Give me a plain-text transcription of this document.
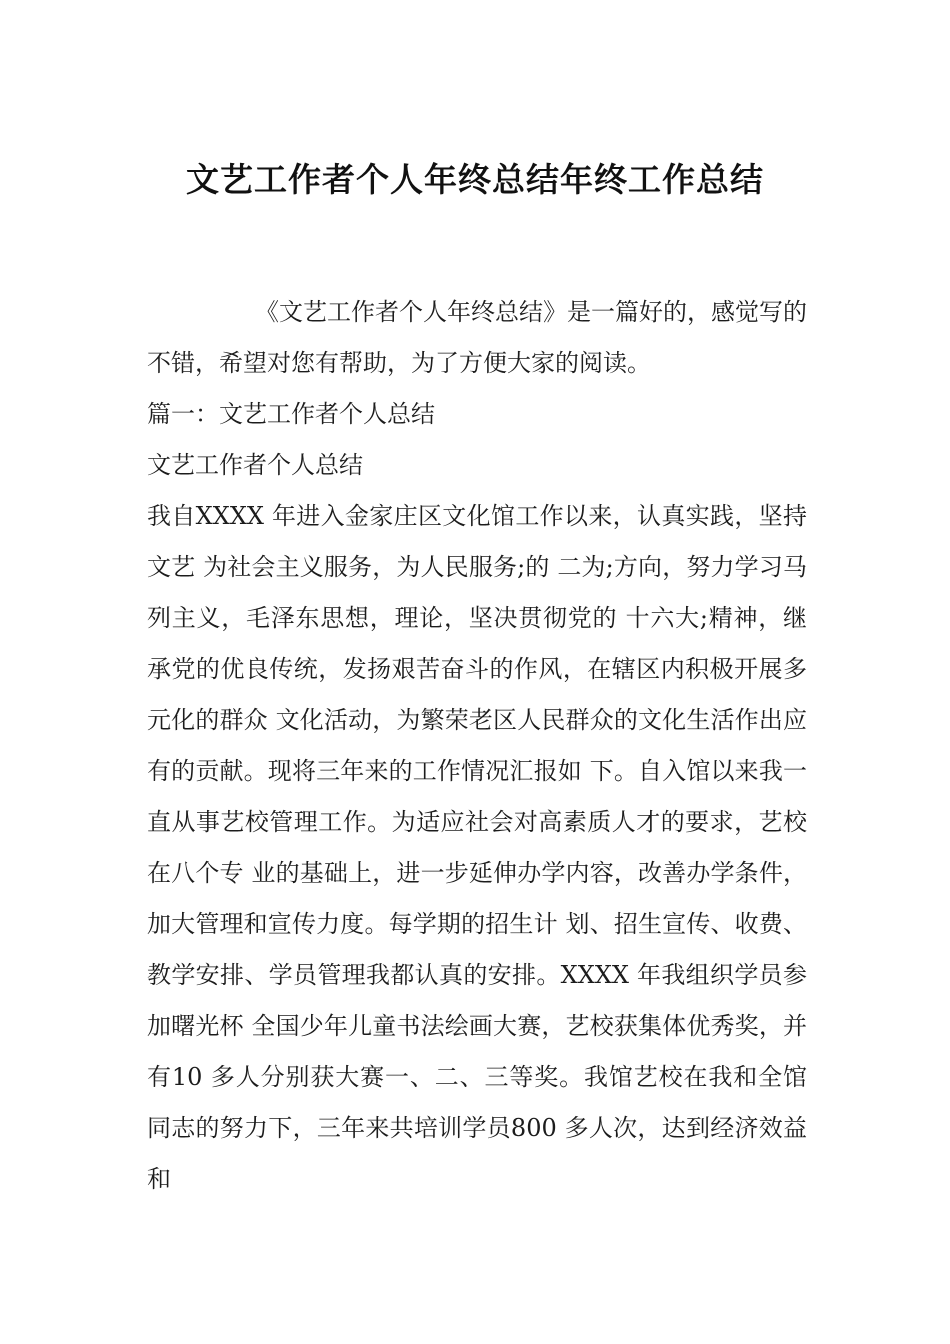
文艺工作者个人年终总结年终工作总结

《文艺工作者个人年终总结》是一篇好的，感觉写的不错，希望对您有帮助，为了方便大家的阅读。

篇一：文艺工作者个人总结

文艺工作者个人总结

我自XXXX 年进入金家庄区文化馆工作以来，认真实践，坚持文艺 为社会主义服务，为人民服务;的 二为;方向，努力学习马列主义，毛泽东思想，理论，坚决贯彻党的 十六大;精神，继承党的优良传统，发扬艰苦奋斗的作风，在辖区内积极开展多元化的群众 文化活动，为繁荣老区人民群众的文化生活作出应有的贡献。现将三年来的工作情况汇报如 下。自入馆以来我一直从事艺校管理工作。为适应社会对高素质人才的要求，艺校在八个专 业的基础上，进一步延伸办学内容，改善办学条件，加大管理和宣传力度。每学期的招生计 划、招生宣传、收费、教学安排、学员管理我都认真的安排。XXXX 年我组织学员参加曙光杯 全国少年儿童书法绘画大赛，艺校获集体优秀奖，并有10 多人分别获大赛一、二、三等奖。我馆艺校在我和全馆同志的努力下，三年来共培训学员800 多人次，达到经济效益和
